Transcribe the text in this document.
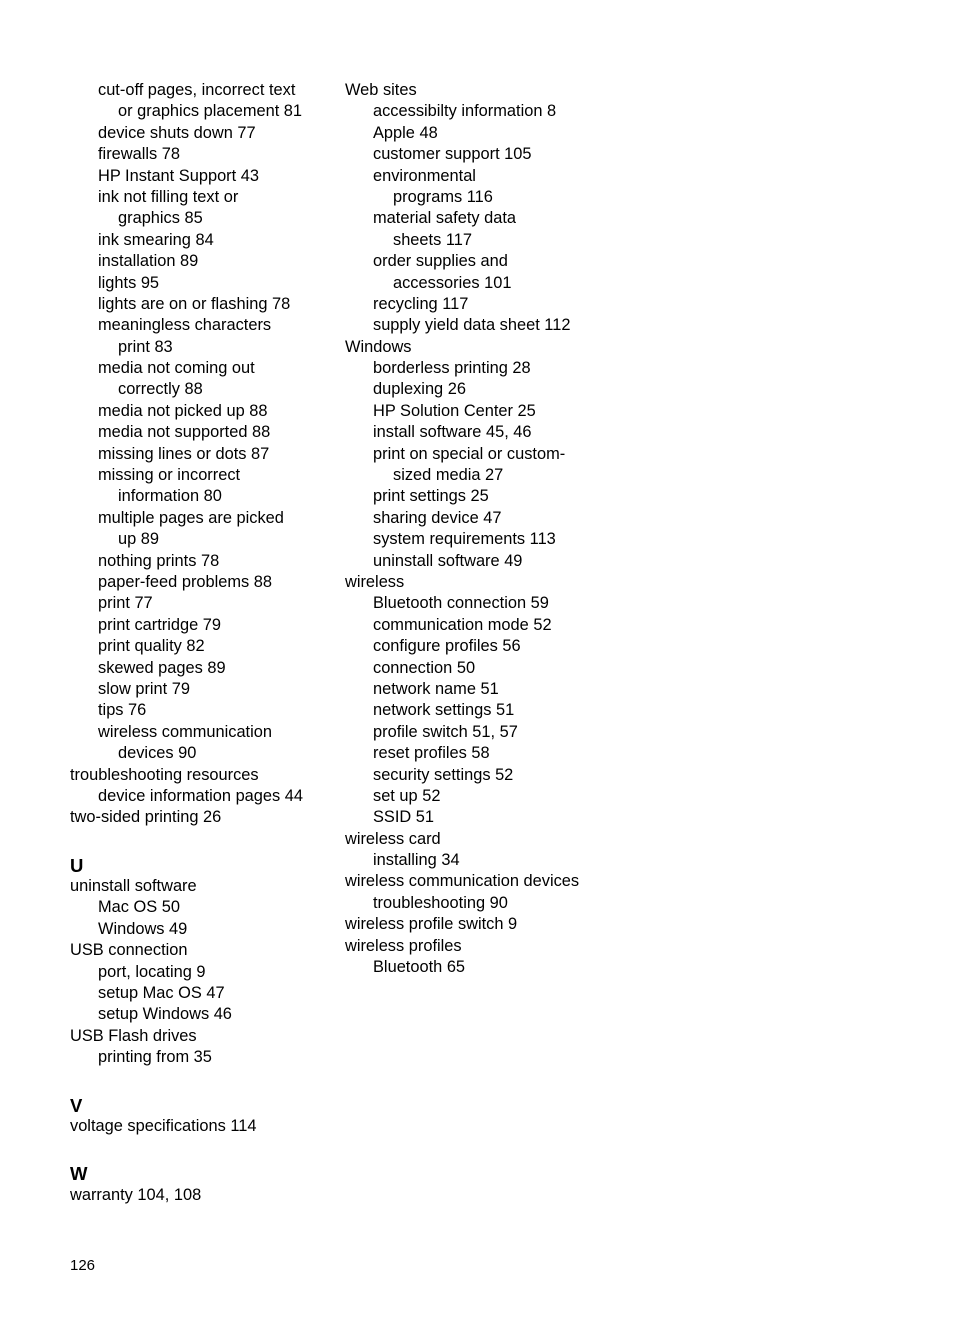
cut-off pages, incorrect text
or graphics placement 81
device shuts down 77
firewalls 78
HP Instant Support 43
ink not filling text or
graphics 85
ink smearing 84
installation 89
lights 95
lights are on or flashing 78
meaningless characters
print 83
media not coming out
correctly 88
media not picked up 88
media not supported 88
missing lines or dots 87
missing or incorrect
information 80
multiple pages are picked
up 89
nothing prints 78
paper-feed problems 88
print 77
print cartridge 79
print quality 82
skewed pages 89
slow print 79
tips 76
wireless communication
devices 90
troubleshooting resources
device information pages 44
two-sided printing 26
U
uninstall software
Mac OS 50
Windows 49
USB connection
port, locating 9
setup Mac OS 47
setup Windows 46
USB Flash drives
printing from 35
V
voltage specifications 114
W
warranty 104, 108
Web sites
accessibilty information 8
Apple 48
customer support 105
environmental
programs 116
material safety data
sheets 117
order supplies and
accessories 101
recycling 117
supply yield data sheet 112
Windows
borderless printing 28
duplexing 26
HP Solution Center 25
install software 45, 46
print on special or custom-
sized media 27
print settings 25
sharing device 47
system requirements 113
uninstall software 49
wireless
Bluetooth connection 59
communication mode 52
configure profiles 56
connection 50
network name 51
network settings 51
profile switch 51, 57
reset profiles 58
security settings 52
set up 52
SSID 51
wireless card
installing 34
wireless communication devices
troubleshooting 90
wireless profile switch 9
wireless profiles
Bluetooth 65
126
